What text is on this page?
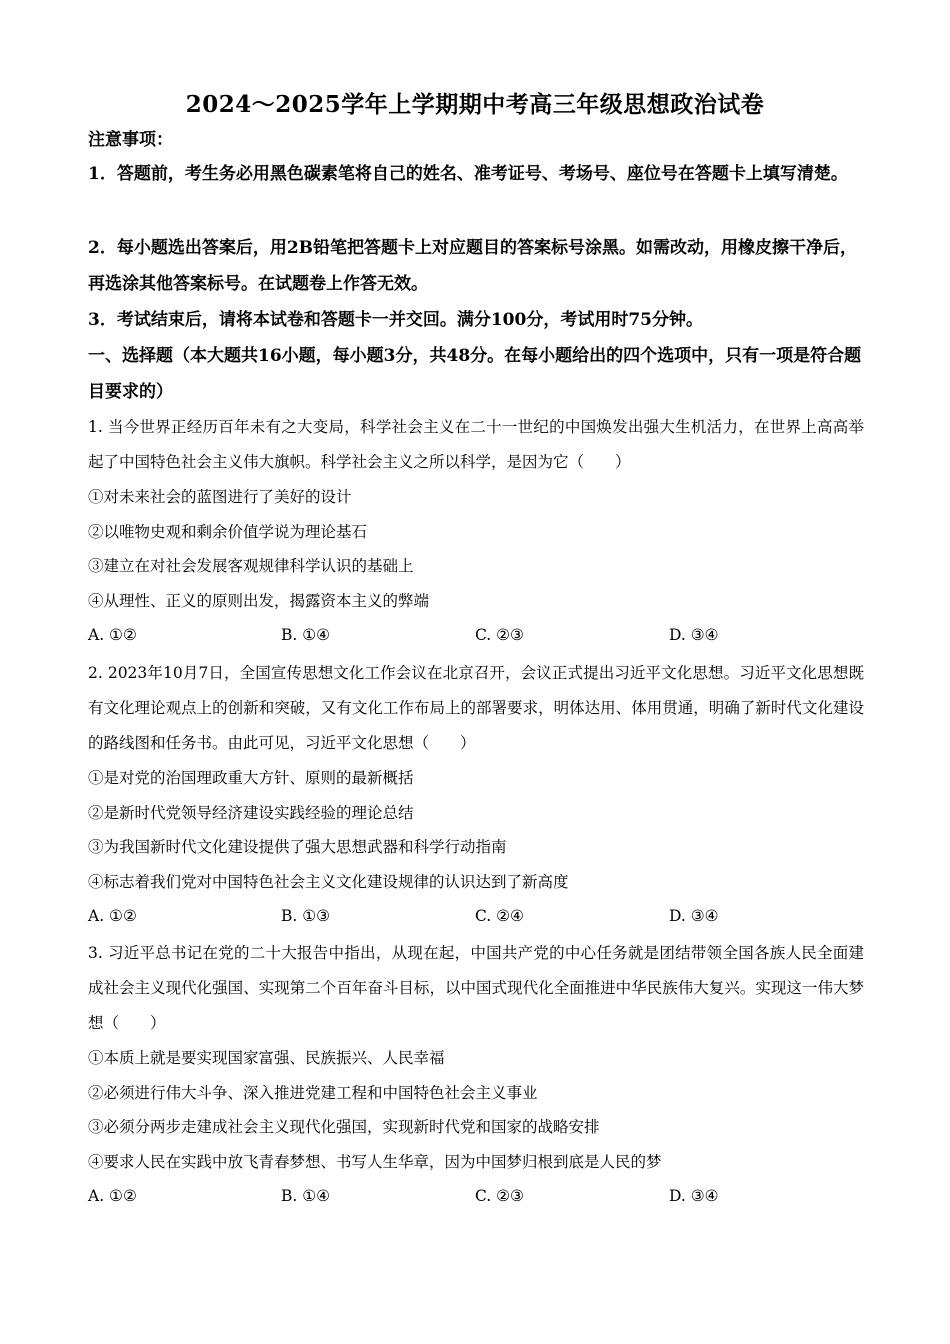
2024～2025学年上学期期中考高三年级思想政治试卷
注意事项：
1．答题前，考生务必用黑色碳素笔将自己的姓名、准考证号、考场号、座位号在答题卡上填写清楚。
2．每小题选出答案后，用2B铅笔把答题卡上对应题目的答案标号涂黑。如需改动，用橡皮擦干净后，再选涂其他答案标号。在试题卷上作答无效。
3．考试结束后，请将本试卷和答题卡一并交回。满分100分，考试用时75分钟。
一、选择题（本大题共16小题，每小题3分，共48分。在每小题给出的四个选项中，只有一项是符合题目要求的）
1. 当今世界正经历百年未有之大变局，科学社会主义在二十一世纪的中国焕发出强大生机活力，在世界上高高举起了中国特色社会主义伟大旗帜。科学社会主义之所以科学，是因为它（　　）
①对未来社会的蓝图进行了美好的设计
②以唯物史观和剩余价值学说为理论基石
③建立在对社会发展客观规律科学认识的基础上
④从理性、正义的原则出发，揭露资本主义的弊端
A. ①②	B. ①④	C. ②③	D. ③④
2. 2023年10月7日，全国宣传思想文化工作会议在北京召开，会议正式提出习近平文化思想。习近平文化思想既有文化理论观点上的创新和突破，又有文化工作布局上的部署要求，明体达用、体用贯通，明确了新时代文化建设的路线图和任务书。由此可见，习近平文化思想（　　）
①是对党的治国理政重大方针、原则的最新概括
②是新时代党领导经济建设实践经验的理论总结
③为我国新时代文化建设提供了强大思想武器和科学行动指南
④标志着我们党对中国特色社会主义文化建设规律的认识达到了新高度
A. ①②	B. ①③	C. ②④	D. ③④
3. 习近平总书记在党的二十大报告中指出，从现在起，中国共产党的中心任务就是团结带领全国各族人民全面建成社会主义现代化强国、实现第二个百年奋斗目标，以中国式现代化全面推进中华民族伟大复兴。实现这一伟大梦想（　　）
①本质上就是要实现国家富强、民族振兴、人民幸福
②必须进行伟大斗争、深入推进党建工程和中国特色社会主义事业
③必须分两步走建成社会主义现代化强国，实现新时代党和国家的战略安排
④要求人民在实践中放飞青春梦想、书写人生华章，因为中国梦归根到底是人民的梦
A. ①②	B. ①④	C. ②③	D. ③④
